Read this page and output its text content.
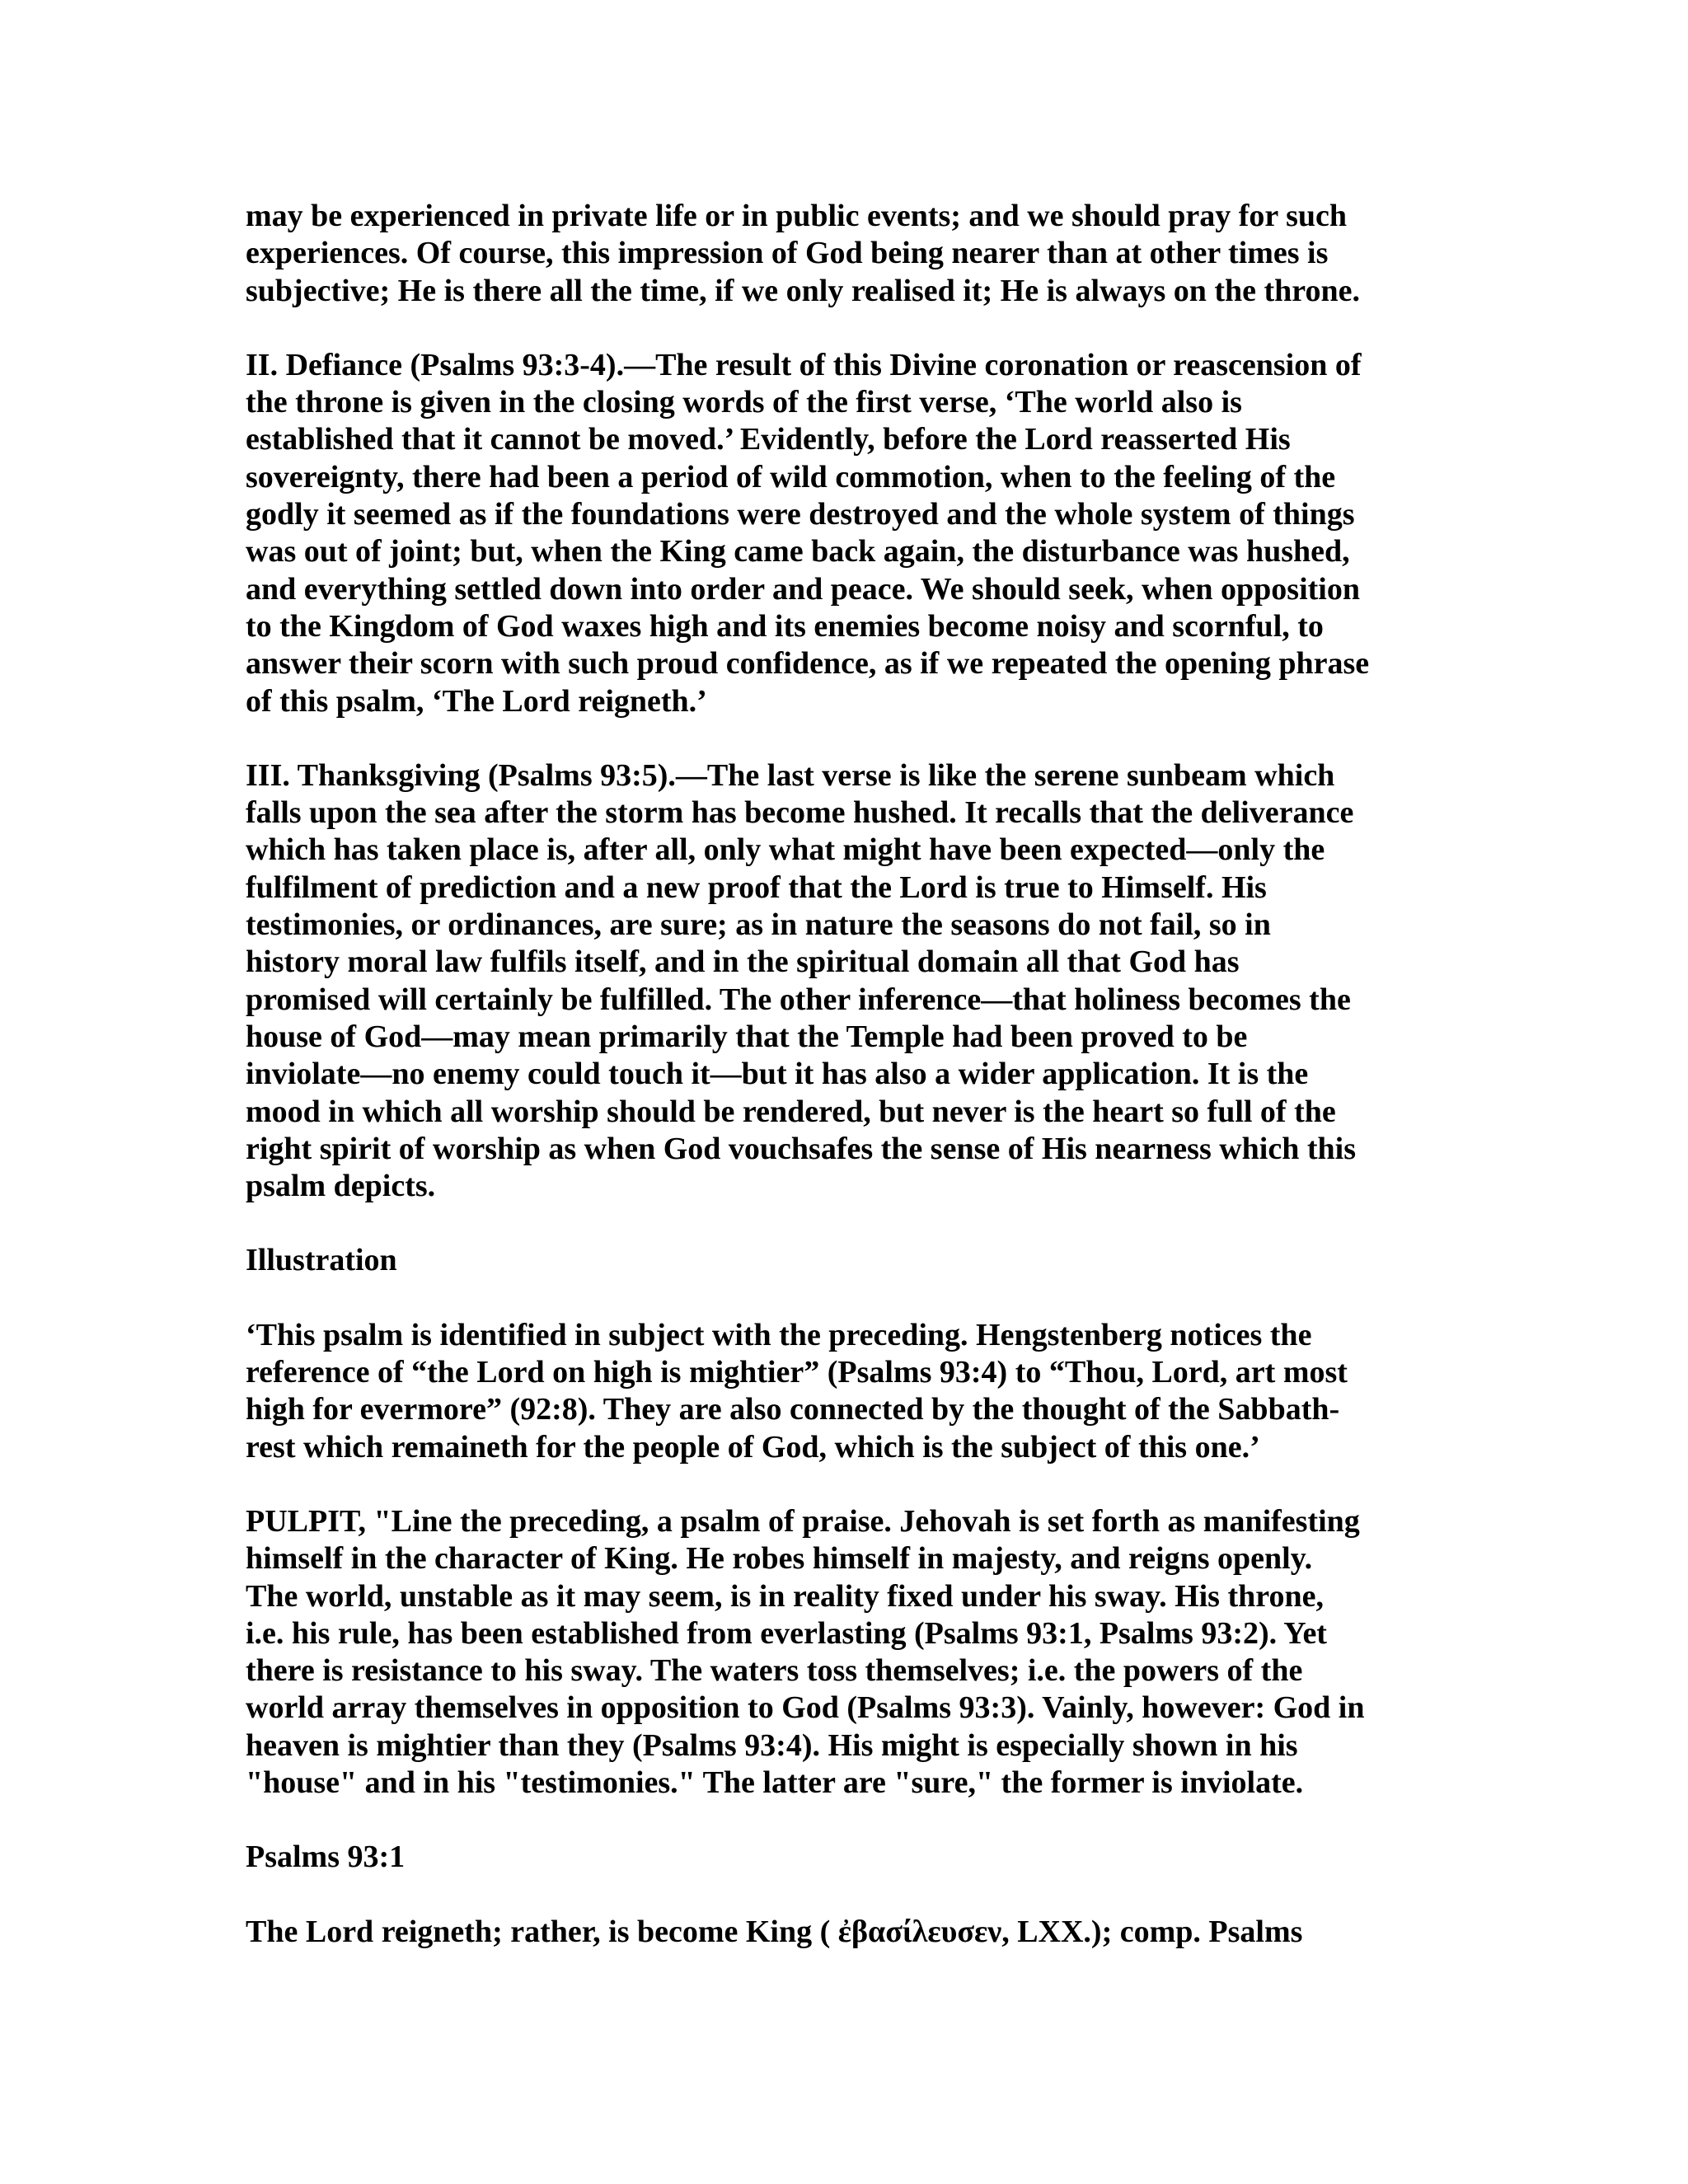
may be experienced in private life or in public events; and we should pray for such
experiences. Of course, this impression of God being nearer than at other times is
subjective; He is there all the time, if we only realised it; He is always on the throne.
II. Defiance (Psalms 93:3-4).—The result of this Divine coronation or reascension of
the throne is given in the closing words of the first verse, ‘The world also is
established that it cannot be moved.’ Evidently, before the Lord reasserted His
sovereignty, there had been a period of wild commotion, when to the feeling of the
godly it seemed as if the foundations were destroyed and the whole system of things
was out of joint; but, when the King came back again, the disturbance was hushed,
and everything settled down into order and peace. We should seek, when opposition
to the Kingdom of God waxes high and its enemies become noisy and scornful, to
answer their scorn with such proud confidence, as if we repeated the opening phrase
of this psalm, ‘The Lord reigneth.’
III. Thanksgiving (Psalms 93:5).—The last verse is like the serene sunbeam which
falls upon the sea after the storm has become hushed. It recalls that the deliverance
which has taken place is, after all, only what might have been expected—only the
fulfilment of prediction and a new proof that the Lord is true to Himself. His
testimonies, or ordinances, are sure; as in nature the seasons do not fail, so in
history moral law fulfils itself, and in the spiritual domain all that God has
promised will certainly be fulfilled. The other inference—that holiness becomes the
house of God—may mean primarily that the Temple had been proved to be
inviolate—no enemy could touch it—but it has also a wider application. It is the
mood in which all worship should be rendered, but never is the heart so full of the
right spirit of worship as when God vouchsafes the sense of His nearness which this
psalm depicts.
Illustration
‘This psalm is identified in subject with the preceding. Hengstenberg notices the
reference of “the Lord on high is mightier” (Psalms 93:4) to “Thou, Lord, art most
high for evermore” (92:8). They are also connected by the thought of the Sabbath-
rest which remaineth for the people of God, which is the subject of this one.’
PULPIT, "Line the preceding, a psalm of praise. Jehovah is set forth as manifesting
himself in the character of King. He robes himself in majesty, and reigns openly.
The world, unstable as it may seem, is in reality fixed under his sway. His throne,
i.e. his rule, has been established from everlasting (Psalms 93:1, Psalms 93:2). Yet
there is resistance to his sway. The waters toss themselves; i.e. the powers of the
world array themselves in opposition to God (Psalms 93:3). Vainly, however: God in
heaven is mightier than they (Psalms 93:4). His might is especially shown in his
"house" and in his "testimonies." The latter are "sure," the former is inviolate.
Psalms 93:1
The Lord reigneth; rather, is become King ( ἐβασίλευσεν, LXX.); comp. Psalms
